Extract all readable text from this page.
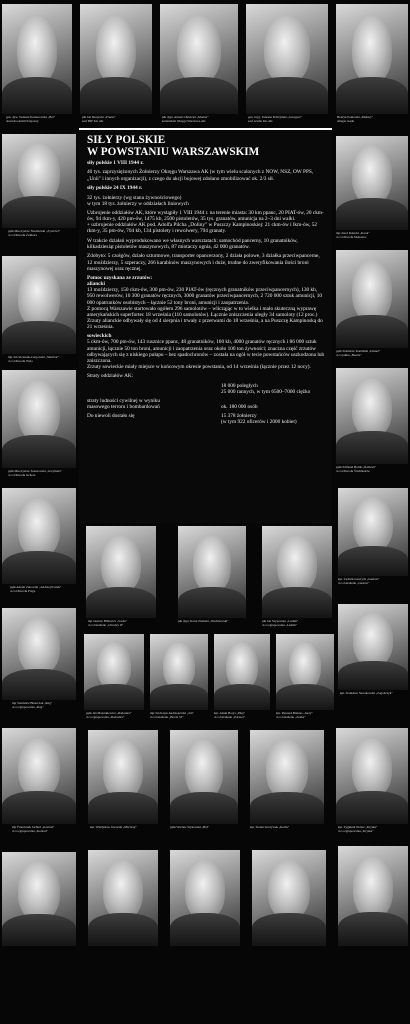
gen. dyw. Tadeusz Komorowski „Bór"
dowódca Armii Krajowej
płk Jan Rzepecki „Prezes"
szef BIP KG AK
płk dypl. Antoni Chruściel „Monter"
komendant Okręgu Warszawa AK
gen. bryg. Tadeusz Pełczyński „Grzegorz"
szef sztabu KG AK
Henryk Pomorski „Makary"
delegat rządu
ppłk Mieczysław Niedzielski „Żywiciel"
d-ca Obwodu Żoliborz
mjr Jan Szczurek-Cergowski „Sławbor"
d-ca Obwodu Wola
ppłk Mieczysław Sokołowski „Grzymała"
d-ca Obwodu Ochota
mjr Józef Rokicki „Karol"
d-ca Obwodu Mokotów
ppłk Stanisław Kamiński „Daniel"
d-ca pułku „Baszta"
ppłk Edmund Hołub „Radwan"
d-ca Obwodu Śródmieście
SIŁY POLSKIE
W POWSTANIU WARSZAWSKIM

siły polskie 1 VIII 1944 r.

40 tys. zaprzysiężonych Żołnierzy Okręgu Warszawa AK (w tym wielu scalonych z NOW, NSZ, OW PPS, „Unii" i innych organizacji), z czego do akcji bojowej zdołano zmobilizować ok. 2/3 sił.

siły polskie 24 IX 1944 r.

32 tys. żołnierzy (wg stanu żywnościowego)
w tym 18 tys. żołnierzy w oddziałach liniowych

Uzbrojenie oddziałów AK, które wystąpiły 1 VIII 1944 r. na terenie miasta: 30 km ppanc, 20 PIAT-ów, 20 ckm-ów, 94 rkm-y, 420 pm-ów, 1475 kb, 2500 pistoletów, 35 tys. granatów, amunicja na 2–3 dni walki.
+ uzbrojenie oddziałów AK pod. Adolfa Pilcha „Doliny" w Puszczy Kampinoskiej: 21 ckm-ów i lkm-ów, 52 rkm-y, 35 pm-ów, 704 kb, 134 pistolety i rewolwery, 794 granaty.

W trakcie działań wyprodukowano we własnych warsztatach: samochód pancerny, 10 granatników, kilkadziesiąt pistoletów maszynowych, 87 miotaczy ognia, 42 000 granatów.

Zdobyto: 5 czołgów, działo szturmowe, transporter opancerzony, 2 działa polowe, 3 działka przeciwpancerne, 12 moździerzy, 5 szperaczy, 266 karabinów maszynowych i duże, trudne do zweryfikowania ilości broni maszynowej oraz ręcznej.

Pomoc uzyskana ze zrzutów:
aliancki

13 moździerzy, 150 ckm-ów, 300 pm-ów, 230 PIAT-ów (ręcznych granatników przeciwpancernych), 130 kb, 950 rewolwerów, 10 300 granatów ręcznych, 3000 granatów przeciwpancernych, 2 720 000 sztuk amunicji, 10 000 opatrunków osobistych – łącznie 52 tony broni, amunicji i zaopatrzenia.
Z pomocą Warszawie startowało ogółem 296 samolotów – wlicząjąc w to wielka i mało skuteczną wyprawę amerykańskich superfortec 18 września (110 samolotów). Łącznie zniszczenia uległy 34 samoloty (12 proc.) Zrzuty alianckie odbywały się od 4 sierpnia i trwały z przerwami do 18 września, a na Puszczę Kampinoską do 21 września.

sowieckich

5 ckm-ów, 700 pm-ów, 143 rusznice ppanc, 48 granatników, 160 kb, 4000 granatów ręcznych i 86 000 sztuk amunicji, łącznie 50 ton broni, amunicji i zaopatrzenia oraz około 100 ton żywności; znaczna część zrzutów odbywających się z niskiego pułapu – bez spadochronów – została na ogół w tecie powstańców uszkodzona lub zniszczona.
Zrzuty sowieckie miały miejsce w końcowym okresie powstania, od 14 września (łącznie przez 12 nocy).

Straty oddziałów AK:

18 000 poległych
25 000 rannych, w tym 6500–7000 ciężko
straty ludności cywilnej w wyniku
masowego terroru i bombardowań	ok. 180 000 osób
Do niewoli dostało się	15 378 żołnierzy
(w tym 922 oficerów i 2000 kobiet)
ppłk Antoni Żurowski „Andrzej Kwiek"
d-ca Obwodu Praga
mjr Gustaw Billewicz „Sosna"
d-ca batalionu „Chrobry II"
płk dypl. Karol Ziemski „Wachnowski"	płk Jan Szypowski „Leśnik"
d-ca zgrupowania „Leśnik"
kpt. Ludwik Gawrych „Gustaw"
d-ca batalionu „Gustaw"
mjr Stanisław Błaszczak „Róg"
d-ca zgrupowania „Róg"
ppłk Jan Mazurkiewicz „Radosław"
d-ca zgrupowania „Radosław"
mjr Jan Kajus Andrzejewski „Jan"
d-ca batalionu „Broda 53"
kpt. Adam Borys „Pług"
d-ca batalionu „Parasol"
kpt. Ryszard Białous „Jerzy"
d-ca batalionu „Zośka"
kpt. Stanisław Steczkowski „Zagończyk"
mjr Franciszek Jachieć „Konrad"
d-ca zgrupowania „Konrad"
kpt. Władysław Jaworski „Mściwój"	ppłk Wacław Stykowski „Hal"	kpt. Stefan Łuczywek „Kolba"	kpt. Zygmunt Netzer „Kryska"
d-ca zgrupowania „Kryska"
